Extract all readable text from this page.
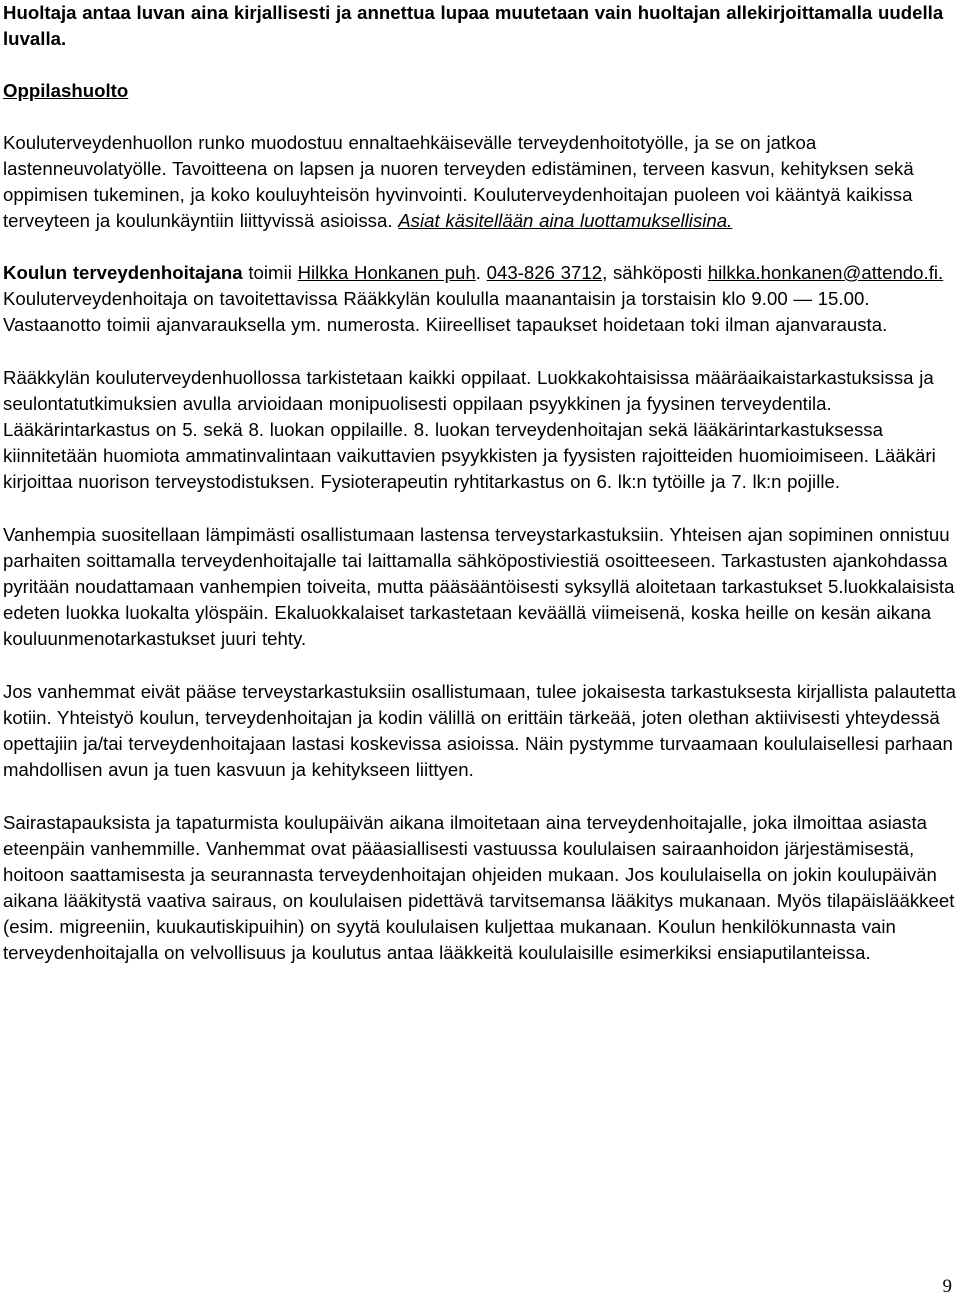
Huoltaja antaa luvan aina kirjallisesti ja annettua lupaa muutetaan vain huoltajan allekirjoittamalla uudella luvalla.

Oppilashuolto

Kouluterveydenhuollon runko muodostuu ennaltaehkäisevälle terveydenhoitotyölle, ja se on jatkoa lastenneuvolatyölle. Tavoitteena on lapsen ja nuoren terveyden edistäminen, terveen kasvun, kehityksen sekä oppimisen tukeminen, ja koko kouluyhteisön hyvinvointi. Kouluterveydenhoitajan puoleen voi kääntyä kaikissa terveyteen ja koulunkäyntiin liittyvissä asioissa. Asiat käsitellään aina luottamuksellisina.

Koulun terveydenhoitajana toimii Hilkka Honkanen puh. 043-826 3712, sähköposti hilkka.honkanen@attendo.fi. Kouluterveydenhoitaja on tavoitettavissa Rääkkylän koululla maanantaisin ja torstaisin klo 9.00 — 15.00. Vastaanotto toimii ajanvarauksella ym. numerosta. Kiireelliset tapaukset hoidetaan toki ilman ajanvarausta.

Rääkkylän kouluterveydenhuollossa tarkistetaan kaikki oppilaat. Luokkakohtaisissa määräaikaistarkastuksissa ja seulontatutkimuksien avulla arvioidaan monipuolisesti oppilaan psyykkinen ja fyysinen terveydentila. Lääkärintarkastus on 5. sekä 8. luokan oppilaille. 8. luokan terveydenhoitajan sekä lääkärintarkastuksessa kiinnitetään huomiota ammatinvalintaan vaikuttavien psyykkisten ja fyysisten rajoitteiden huomioimiseen. Lääkäri kirjoittaa nuorison terveystodistuksen. Fysioterapeutin ryhtitarkastus on 6. lk:n tytöille ja 7. lk:n pojille.

Vanhempia suositellaan lämpimästi osallistumaan lastensa terveystarkastuksiin. Yhteisen ajan sopiminen onnistuu parhaiten soittamalla terveydenhoitajalle tai laittamalla sähköpostiviestiä osoitteeseen. Tarkastusten ajankohdassa pyritään noudattamaan vanhempien toiveita, mutta pääsääntöisesti syksyllä aloitetaan tarkastukset 5.luokkalaisista edeten luokka luokalta ylöspäin. Ekaluokkalaiset tarkastetaan keväällä viimeisenä, koska heille on kesän aikana kouluunmenotarkastukset juuri tehty.

Jos vanhemmat eivät pääse terveystarkastuksiin osallistumaan, tulee jokaisesta tarkastuksesta kirjallista palautetta kotiin. Yhteistyö koulun, terveydenhoitajan ja kodin välillä on erittäin tärkeää, joten olethan aktiivisesti yhteydessä opettajiin ja/tai terveydenhoitajaan lastasi koskevissa asioissa. Näin pystymme turvaamaan koululaisellesi parhaan mahdollisen avun ja tuen kasvuun ja kehitykseen liittyen.

Sairastapauksista ja tapaturmista koulupäivän aikana ilmoitetaan aina terveydenhoitajalle, joka ilmoittaa asiasta eteenpäin vanhemmille. Vanhemmat ovat pääasiallisesti vastuussa koululaisen sairaanhoidon järjestämisestä, hoitoon saattamisesta ja seurannasta terveydenhoitajan ohjeiden mukaan. Jos koululaisella on jokin koulupäivän aikana lääkitystä vaativa sairaus, on koululaisen pidettävä tarvitsemansa lääkitys mukanaan. Myös tilapäislääkkeet (esim. migreeniin, kuukautiskipuihin) on syytä koululaisen kuljettaa mukanaan. Koulun henkilökunnasta vain terveydenhoitajalla on velvollisuus ja koulutus antaa lääkkeitä koululaisille esimerkiksi ensiaputilanteissa.

9
